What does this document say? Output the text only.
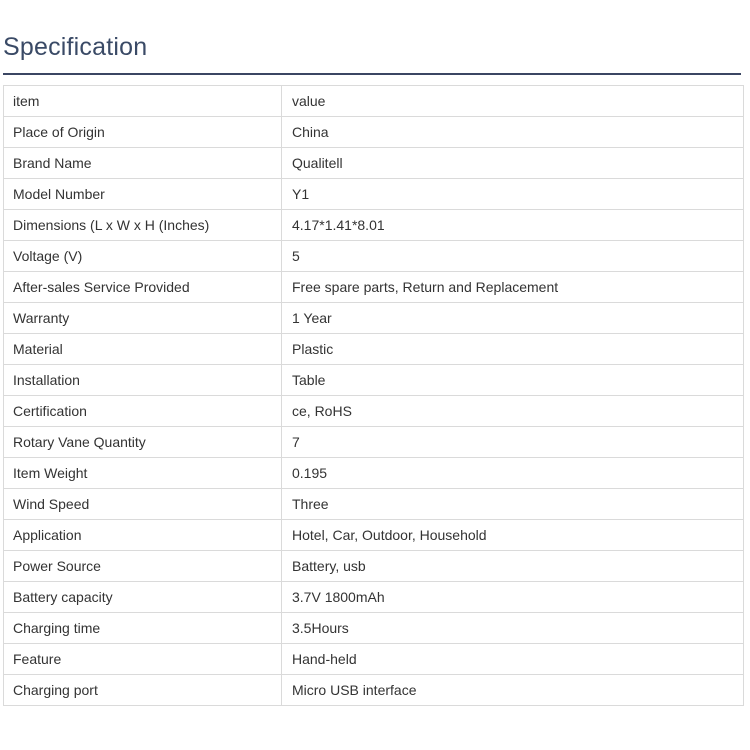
Specification
item	value
Place of Origin	China
Brand Name	Qualitell
Model Number	Y1
Dimensions (L x W x H (Inches)	4.17*1.41*8.01
Voltage (V)	5
After-sales Service Provided	Free spare parts, Return and Replacement
Warranty	1 Year
Material	Plastic
Installation	Table
Certification	ce, RoHS
Rotary Vane Quantity	7
Item Weight	0.195
Wind Speed	Three
Application	Hotel, Car, Outdoor, Household
Power Source	Battery, usb
Battery capacity	3.7V 1800mAh
Charging time	3.5Hours
Feature	Hand-held
Charging port	Micro USB interface
